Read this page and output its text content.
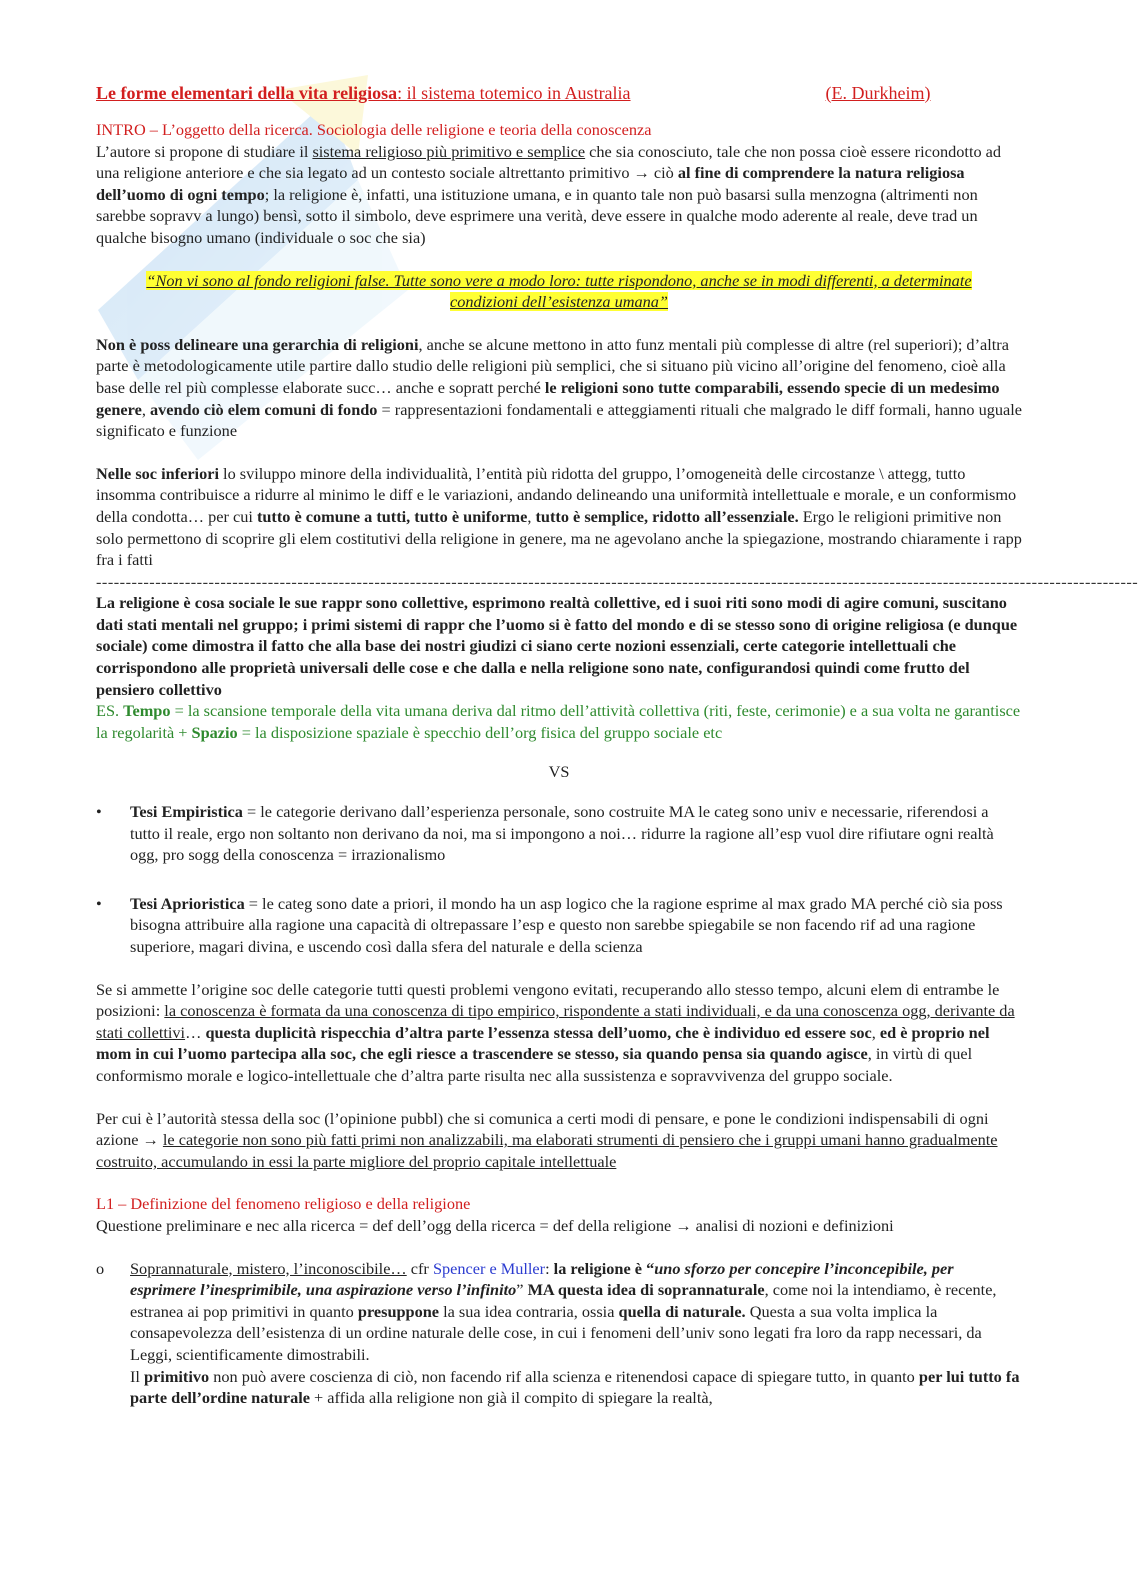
Le forme elementari della vita religiosa: il sistema totemico in Australia	(E. Durkheim)

INTRO – L’oggetto della ricerca. Sociologia delle religione e teoria della conoscenza

L’autore si propone di studiare il sistema religioso più primitivo e semplice che sia conosciuto, tale che non possa cioè essere ricondotto ad una religione anteriore e che sia legato ad un contesto sociale altrettanto primitivo → ciò al fine di comprendere la natura religiosa dell’uomo di ogni tempo; la religione è, infatti, una istituzione umana, e in quanto tale non può basarsi sulla menzogna (altrimenti non sarebbe sopravv a lungo) bensì, sotto il simbolo, deve esprimere una verità, deve essere in qualche modo aderente al reale, deve trad un qualche bisogno umano (individuale o soc che sia)

“Non vi sono al fondo religioni false. Tutte sono vere a modo loro: tutte rispondono, anche se in modi differenti, a determinate condizioni dell’esistenza umana”

Non è poss delineare una gerarchia di religioni, anche se alcune mettono in atto funz mentali più complesse di altre (rel superiori); d’altra parte è metodologicamente utile partire dallo studio delle religioni più semplici, che si situano più vicino all’origine del fenomeno, cioè alla base delle rel più complesse elaborate succ… anche e sopratt perché le religioni sono tutte comparabili, essendo specie di un medesimo genere, avendo ciò elem comuni di fondo = rappresentazioni fondamentali e atteggiamenti rituali che malgrado le diff formali, hanno uguale significato e funzione

Nelle soc inferiori lo sviluppo minore della individualità, l’entità più ridotta del gruppo, l’omogeneità delle circostanze \ attegg, tutto insomma contribuisce a ridurre al minimo le diff e le variazioni, andando delineando una uniformità intellettuale e morale, e un conformismo della condotta… per cui tutto è comune a tutti, tutto è uniforme, tutto è semplice, ridotto all’essenziale. Ergo le religioni primitive non solo permettono di scoprire gli elem costitutivi della religione in genere, ma ne agevolano anche la spiegazione, mostrando chiaramente i rapp fra i fatti

--------------------------------------------------------------------------------------------------------------------------------------------------------------------------------

La religione è cosa sociale le sue rappr sono collettive, esprimono realtà collettive, ed i suoi riti sono modi di agire comuni, suscitano dati stati mentali nel gruppo; i primi sistemi di rappr che l’uomo si è fatto del mondo e di se stesso sono di origine religiosa (e dunque sociale) come dimostra il fatto che alla base dei nostri giudizi ci siano certe nozioni essenziali, certe categorie intellettuali che corrispondono alle proprietà universali delle cose e che dalla e nella religione sono nate, configurandosi quindi come frutto del pensiero collettivo

ES. Tempo = la scansione temporale della vita umana deriva dal ritmo dell’attività collettiva (riti, feste, cerimonie) e a sua volta ne garantisce la regolarità + Spazio = la disposizione spaziale è specchio dell’org fisica del gruppo sociale etc

VS

• Tesi Empiristica = le categorie derivano dall’esperienza personale, sono costruite MA le categ sono univ e necessarie, riferendosi a tutto il reale, ergo non soltanto non derivano da noi, ma si impongono a noi… ridurre la ragione all’esp vuol dire rifiutare ogni realtà ogg, pro sogg della conoscenza = irrazionalismo
• Tesi Aprioristica = le categ sono date a priori, il mondo ha un asp logico che la ragione esprime al max grado MA perché ciò sia poss bisogna attribuire alla ragione una capacità di oltrepassare l’esp e questo non sarebbe spiegabile se non facendo rif ad una ragione superiore, magari divina, e uscendo così dalla sfera del naturale e della scienza

Se si ammette l’origine soc delle categorie tutti questi problemi vengono evitati, recuperando allo stesso tempo, alcuni elem di entrambe le posizioni: la conoscenza è formata da una conoscenza di tipo empirico, rispondente a stati individuali, e da una conoscenza ogg, derivante da stati collettivi… questa duplicità rispecchia d’altra parte l’essenza stessa dell’uomo, che è individuo ed essere soc, ed è proprio nel mom in cui l’uomo partecipa alla soc, che egli riesce a trascendere se stesso, sia quando pensa sia quando agisce, in virtù di quel conformismo morale e logico-intellettuale che d’altra parte risulta nec alla sussistenza e sopravvivenza del gruppo sociale.

Per cui è l’autorità stessa della soc (l’opinione pubbl) che si comunica a certi modi di pensare, e pone le condizioni indispensabili di ogni azione → le categorie non sono più fatti primi non analizzabili, ma elaborati strumenti di pensiero che i gruppi umani hanno gradualmente costruito, accumulando in essi la parte migliore del proprio capitale intellettuale

L1 – Definizione del fenomeno religioso e della religione

Questione preliminare e nec alla ricerca = def dell’ogg della ricerca = def della religione → analisi di nozioni e definizioni

o Soprannaturale, mistero, l’inconoscibile… cfr Spencer e Muller: la religione è “uno sforzo per concepire l’inconcepibile, per esprimere l’inesprimibile, una aspirazione verso l’infinito” MA questa idea di soprannaturale, come noi la intendiamo, è recente, estranea ai pop primitivi in quanto presuppone la sua idea contraria, ossia quella di naturale. Questa a sua volta implica la consapevolezza dell’esistenza di un ordine naturale delle cose, in cui i fenomeni dell’univ sono legati fra loro da rapp necessari, da Leggi, scientificamente dimostrabili.
Il primitivo non può avere coscienza di ciò, non facendo rif alla scienza e ritenendosi capace di spiegare tutto, in quanto per lui tutto fa parte dell’ordine naturale + affida alla religione non già il compito di spiegare la realtà,
